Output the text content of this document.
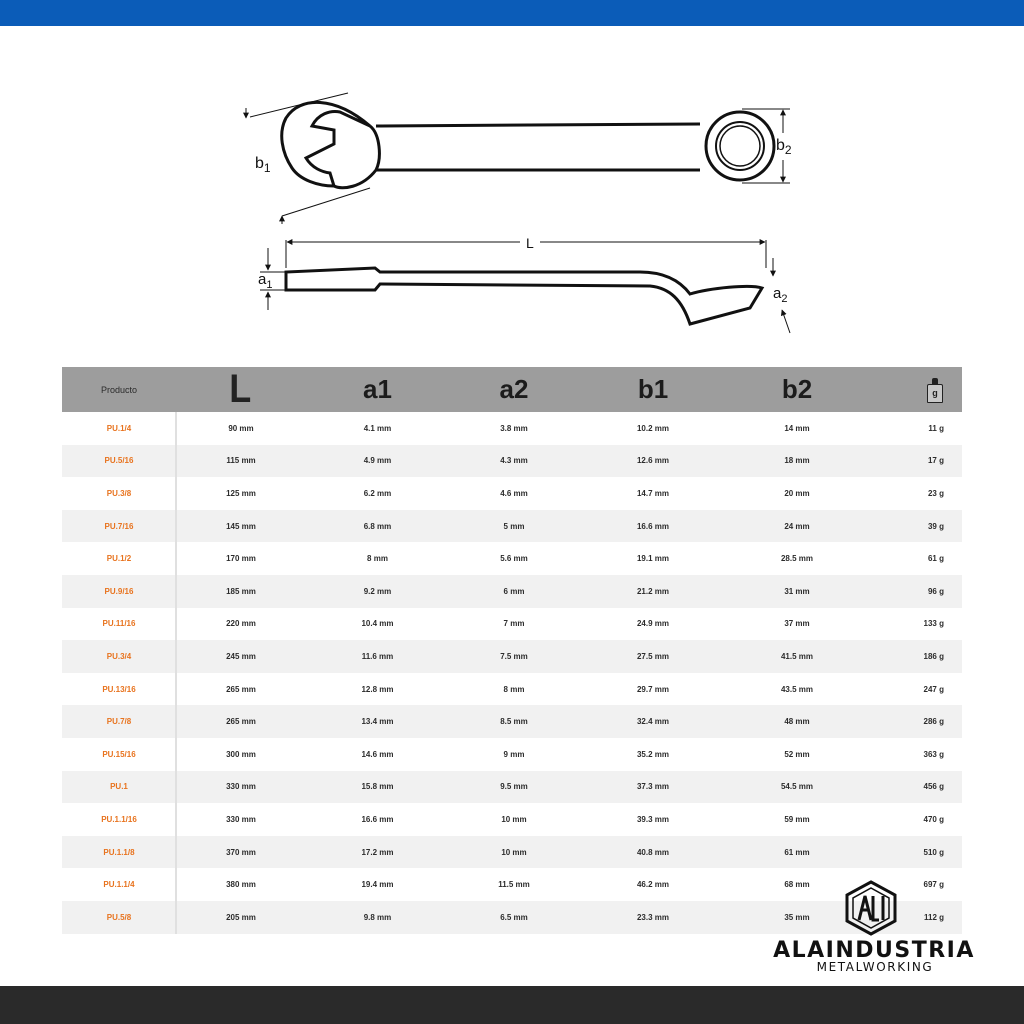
$b_1$
$b_2$
L
$a_1$	$a_2$
Producto	L	a1	a2	b1	b2	g
PU.1/4	90 mm	4.1 mm	3.8 mm	10.2 mm	14 mm	11 g
PU.5/16	115 mm	4.9 mm	4.3 mm	12.6 mm	18 mm	17 g
PU.3/8	125 mm	6.2 mm	4.6 mm	14.7 mm	20 mm	23 g
PU.7/16	145 mm	6.8 mm	5 mm	16.6 mm	24 mm	39 g
PU.1/2	170 mm	8 mm	5.6 mm	19.1 mm	28.5 mm	61 g
PU.9/16	185 mm	9.2 mm	6 mm	21.2 mm	31 mm	96 g
PU.11/16	220 mm	10.4 mm	7 mm	24.9 mm	37 mm	133 g
PU.3/4	245 mm	11.6 mm	7.5 mm	27.5 mm	41.5 mm	186 g
PU.13/16	265 mm	12.8 mm	8 mm	29.7 mm	43.5 mm	247 g
PU.7/8	265 mm	13.4 mm	8.5 mm	32.4 mm	48 mm	286 g
PU.15/16	300 mm	14.6 mm	9 mm	35.2 mm	52 mm	363 g
PU.1	330 mm	15.8 mm	9.5 mm	37.3 mm	54.5 mm	456 g
PU.1.1/16	330 mm	16.6 mm	10 mm	39.3 mm	59 mm	470 g
PU.1.1/8	370 mm	17.2 mm	10 mm	40.8 mm	61 mm	510 g
PU.1.1/4	380 mm	19.4 mm	11.5 mm	46.2 mm	68 mm	697 g
PU.5/8	205 mm	9.8 mm	6.5 mm	23.3 mm	35 mm	112 g
ALAINDUSTRIA
METALWORKING
